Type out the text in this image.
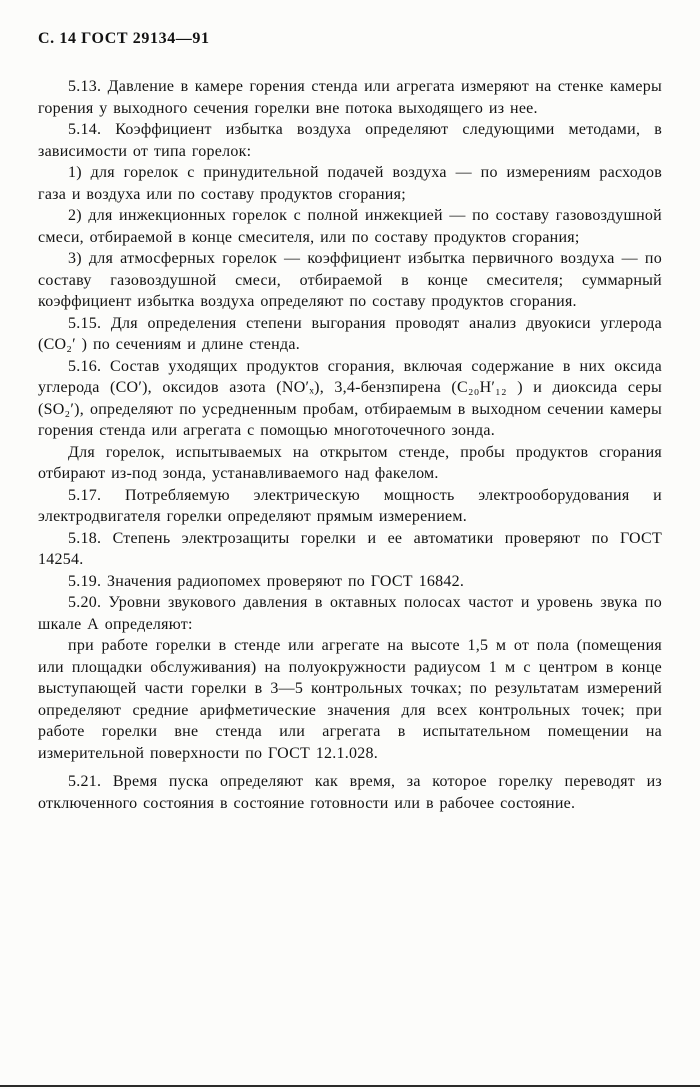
С. 14 ГОСТ 29134—91

5.13. Давление в камере горения стенда или агрегата измеряют на стенке камеры горения у выходного сечения горелки вне потока выходящего из нее.

5.14. Коэффициент избытка воздуха определяют следующими методами, в зависимости от типа горелок:

1) для горелок с принудительной подачей воздуха — по измерениям расходов газа и воздуха или по составу продуктов сгорания;

2) для инжекционных горелок с полной инжекцией — по составу газовоздушной смеси, отбираемой в конце смесителя, или по составу продуктов сгорания;

3) для атмосферных горелок — коэффициент избытка первичного воздуха — по составу газовоздушной смеси, отбираемой в конце смесителя; суммарный коэффициент избытка воздуха определяют по составу продуктов сгорания.

5.15. Для определения степени выгорания проводят анализ двуокиси углерода (CO₂′ ) по сечениям и длине стенда.

5.16. Состав уходящих продуктов сгорания, включая содержание в них оксида углерода (CO′), оксидов азота (NO′ₓ), 3,4-бензпирена (C₂₀H′₁₂ ) и диоксида серы (SO₂′), определяют по усредненным пробам, отбираемым в выходном сечении камеры горения стенда или агрегата с помощью многоточечного зонда.

Для горелок, испытываемых на открытом стенде, пробы продуктов сгорания отбирают из-под зонда, устанавливаемого над факелом.

5.17. Потребляемую электрическую мощность электрооборудования и электродвигателя горелки определяют прямым измерением.

5.18. Степень электрозащиты горелки и ее автоматики проверяют по ГОСТ 14254.

5.19. Значения радиопомех проверяют по ГОСТ 16842.

5.20. Уровни звукового давления в октавных полосах частот и уровень звука по шкале А определяют:

при работе горелки в стенде или агрегате на высоте 1,5 м от пола (помещения или площадки обслуживания) на полуокружности радиусом 1 м с центром в конце выступающей части горелки в 3—5 контрольных точках; по результатам измерений определяют средние арифметические значения для всех контрольных точек; при работе горелки вне стенда или агрегата в испытательном помещении на измерительной поверхности по ГОСТ 12.1.028.

5.21. Время пуска определяют как время, за которое горелку переводят из отключенного состояния в состояние готовности или в рабочее состояние.
